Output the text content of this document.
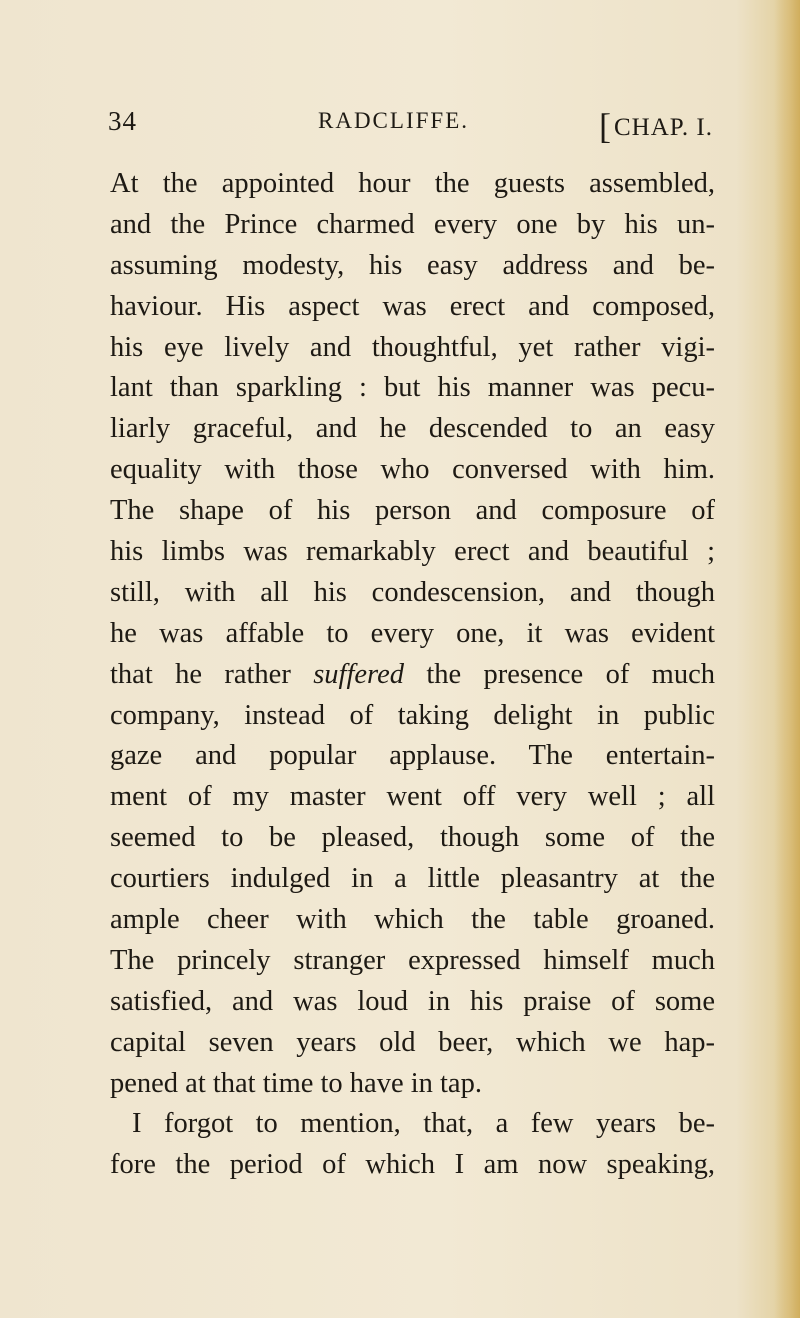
34	RADCLIFFE.	[CHAP. I.
At the appointed hour the guests assembled,
and the Prince charmed every one by his un-
assuming modesty, his easy address and be-
haviour. His aspect was erect and composed,
his eye lively and thoughtful, yet rather vigi-
lant than sparkling : but his manner was pecu-
liarly graceful, and he descended to an easy
equality with those who conversed with him.
The shape of his person and composure of
his limbs was remarkably erect and beautiful ;
still, with all his condescension, and though
he was affable to every one, it was evident
that he rather suffered the presence of much
company, instead of taking delight in public
gaze and popular applause. The entertain-
ment of my master went off very well ; all
seemed to be pleased, though some of the
courtiers indulged in a little pleasantry at the
ample cheer with which the table groaned.
The princely stranger expressed himself much
satisfied, and was loud in his praise of some
capital seven years old beer, which we hap-
pened at that time to have in tap.
I forgot to mention, that, a few years be-
fore the period of which I am now speaking,
